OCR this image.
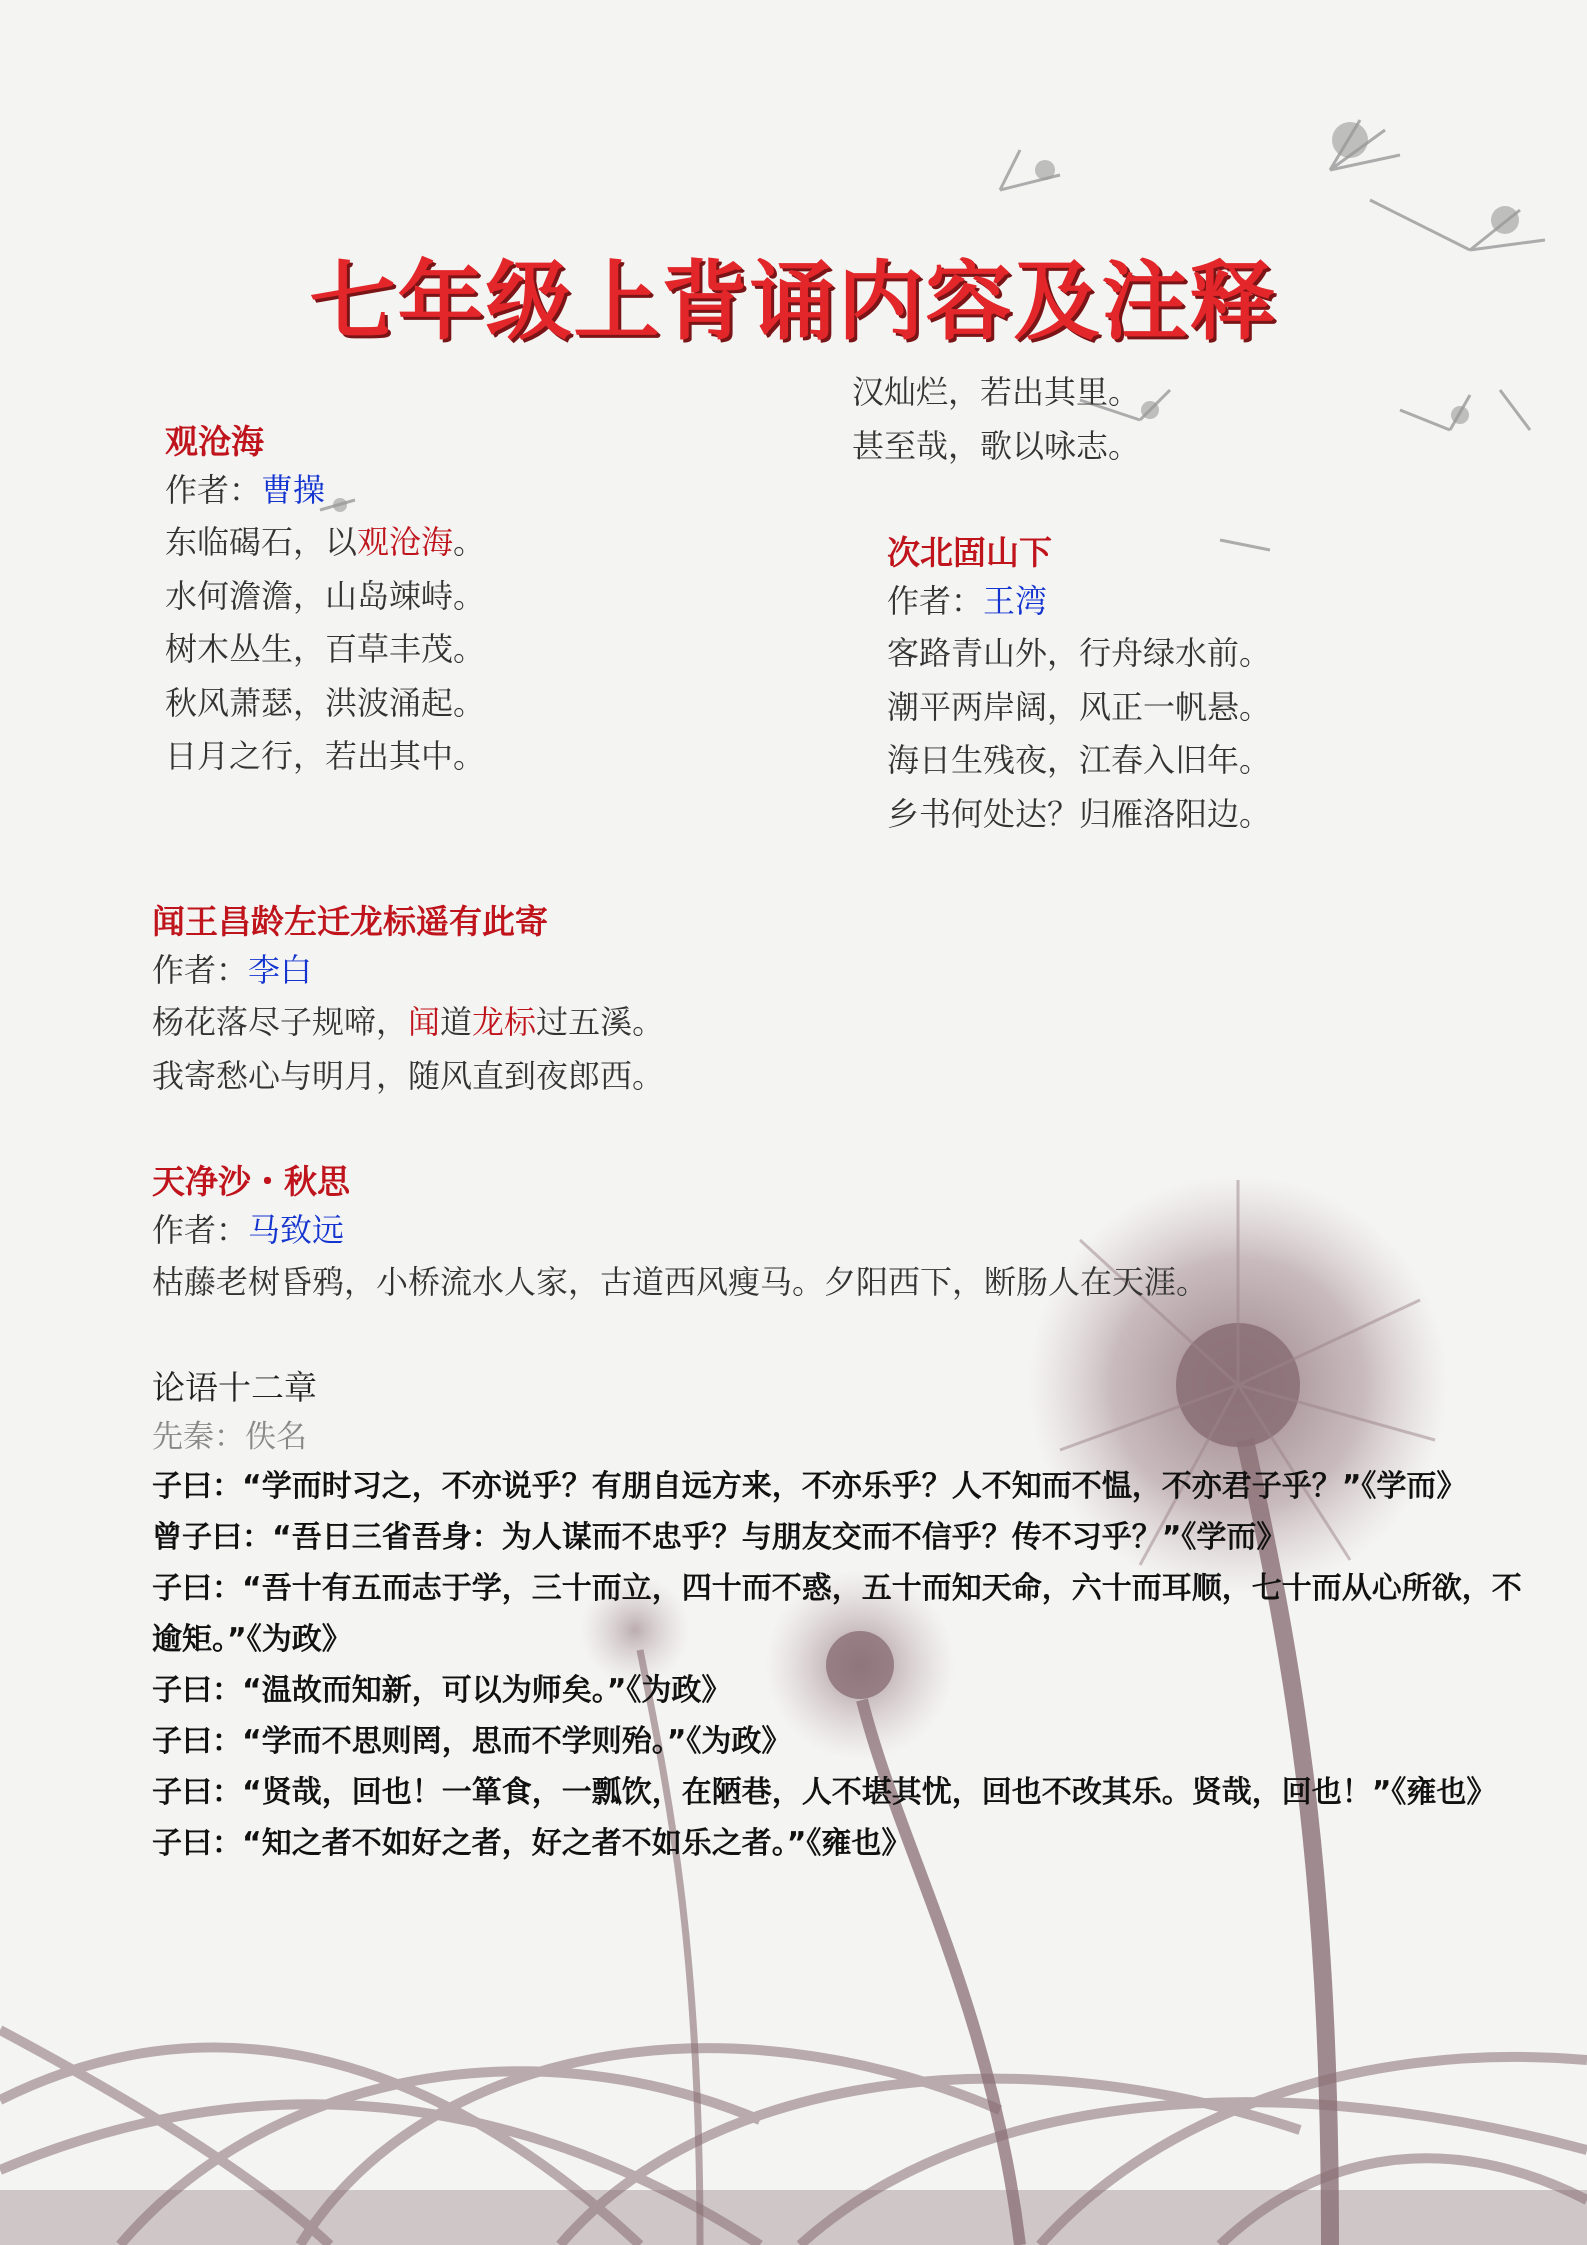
七年级上背诵内容及注释
观沧海
作者：曹操
东临碣石，以观沧海。
水何澹澹，山岛竦峙。
树木丛生，百草丰茂。
秋风萧瑟，洪波涌起。
日月之行，若出其中。
汉灿烂，若出其里。
甚至哉，歌以咏志。
次北固山下
作者：王湾
客路青山外，行舟绿水前。
潮平两岸阔，风正一帆悬。
海日生残夜，江春入旧年。
乡书何处达？归雁洛阳边。
闻王昌龄左迁龙标遥有此寄
作者：李白
杨花落尽子规啼，闻道龙标过五溪。
我寄愁心与明月，随风直到夜郎西。
天净沙・秋思
作者：马致远
枯藤老树昏鸦，小桥流水人家，古道西风瘦马。夕阳西下，断肠人在天涯。
论语十二章
先秦：佚名

子曰：“学而时习之，不亦说乎？有朋自远方来，不亦乐乎？人不知而不愠，不亦君子乎？”《学而》

曾子曰：“吾日三省吾身：为人谋而不忠乎？与朋友交而不信乎？传不习乎？”《学而》

子曰：“吾十有五而志于学，三十而立，四十而不惑，五十而知天命，六十而耳顺，七十而从心所欲，不逾矩。”《为政》

子曰：“温故而知新，可以为师矣。”《为政》

子曰：“学而不思则罔，思而不学则殆。”《为政》

子曰：“贤哉，回也！一箪食，一瓢饮，在陋巷，人不堪其忧，回也不改其乐。贤哉，回也！”《雍也》

子曰：“知之者不如好之者，好之者不如乐之者。”《雍也》
